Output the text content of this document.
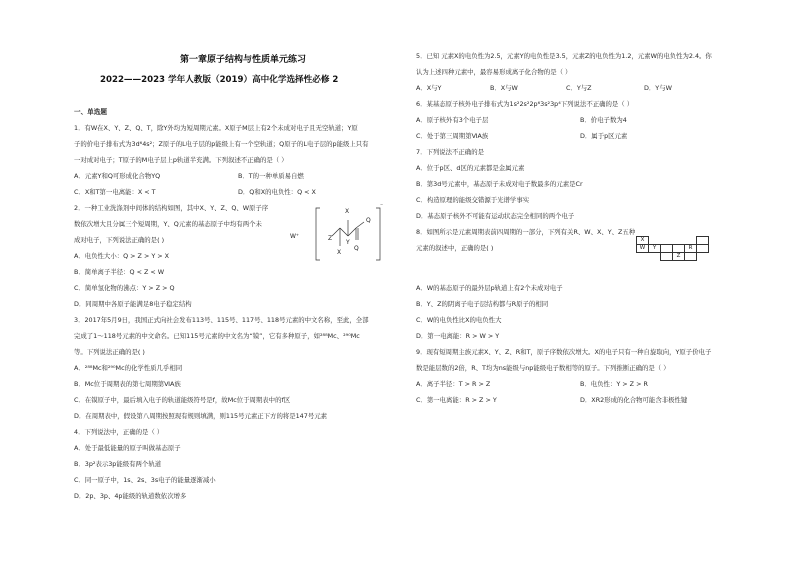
第一章原子结构与性质单元练习
2022——2023 学年人教版（2019）高中化学选择性必修 2
一、单选题
1．有W在X、Y、Z、Q、T，除Y外均为短周期元素。X原子M层上有2个未成对电子且无空轨道；Y原
子的价电子排布式为3d⁶4s²；Z原子的L电子层的p能级上有一个空轨道；Q原子的L电子层的p能级上只有
一对成对电子；T原子的M电子层上p轨道半充满。下列叙述不正确的是（ ）
A．元素Y和Q可形成化合物YQ	B．T的一种单质易自燃
C．X和T第一电离能：X < T	D．Q和X的电负性：Q < X
2．一种工业洗涤剂中间体的结构如图，其中X、Y、Z、Q、W原子序
数依次增大且分属三个短周期，Y、Q元素的基态原子中均有两个未
成对电子，下列说法正确的是( )
A．电负性大小：Q > Z > Y > X
B．简单离子半径：Q < Z < W
C．简单氢化物的沸点：Y > Z > Q
D．同周期中各原子能满足8电子稳定结构
W⁺	Z
X
X
Y
Q
Q
⁻
3．2017年5月9日，我国正式向社会发布113号、115号、117号、118号元素的中文名称，至此，全部
完成了1～118号元素的中文命名。已知115号元素的中文名为“镆”，它有多种原子，如²⁸⁸Mc、²⁹⁰Mc
等。下列说法正确的是( )
A．²⁸⁸Mc和²⁹⁰Mc的化学性质几乎相同
B．Mc位于周期表的第七周期第ⅥA族
C．在镆原子中，最后填入电子的轨道能级符号是f，故Mc位于周期表中的f区
D．在周期表中，假设第八周期按照现有规则填满，则115号元素正下方的将是147号元素
4．下列说法中，正确的是（ ）
A．处于最低能量的原子叫做基态原子
B．3p²表示3p能级有两个轨道
C．同一原子中，1s、2s、3s电子的能量逐渐减小
D．2p、3p、4p能级的轨道数依次增多
5．已知 元素X的电负性为2.5，元素Y的电负性是3.5，元素Z的电负性为1.2，元素W的电负性为2.4。你
认为上述四种元素中，最容易形成离子化合物的是（ ）
A．X与Y	B．X与W	C．Y与Z	D．Y与W
6．某基态原子核外电子排布式为1s²2s²2p⁶3s²3p⁴下列说法不正确的是（ ）
A．原子核外有3个电子层	B．价电子数为4
C．处于第三周期第ⅥA族	D．属于p区元素
7．下列说法不正确的是
A．位于p区、d区的元素都是金属元素
B．第3d号元素中，基态原子未成对电子数最多的元素是Cr
C．构造原理的能级交错源于光谱学事实
D．基态原子核外不可能有运动状态完全相同的两个电子
8．如图所示是元素周期表前四周期的一部分，下列有关R、W、X、Y、Z五种
元素的叙述中，正确的是( )
X					
W	Y			R	
			Z		
A．W的基态原子的最外层p轨道上有2个未成对电子
B．Y、Z的阴离子电子层结构都与R原子的相同
C．W的电负性比X的电负性大
D．第一电离能：R > W > Y
9．现有短周期主族元素X、Y、Z、R和T，原子序数依次增大。X的电子只有一种自旋取向，Y原子价电子
数是能层数的2倍，R、T均为ns能级与np能级电子数相等的原子。下列推断正确的是（ ）
A．离子半径：T > R > Z	B．电负性：Y > Z > R
C．第一电离能：R > Z > Y	D．XR2形成的化合物可能含非极性键
